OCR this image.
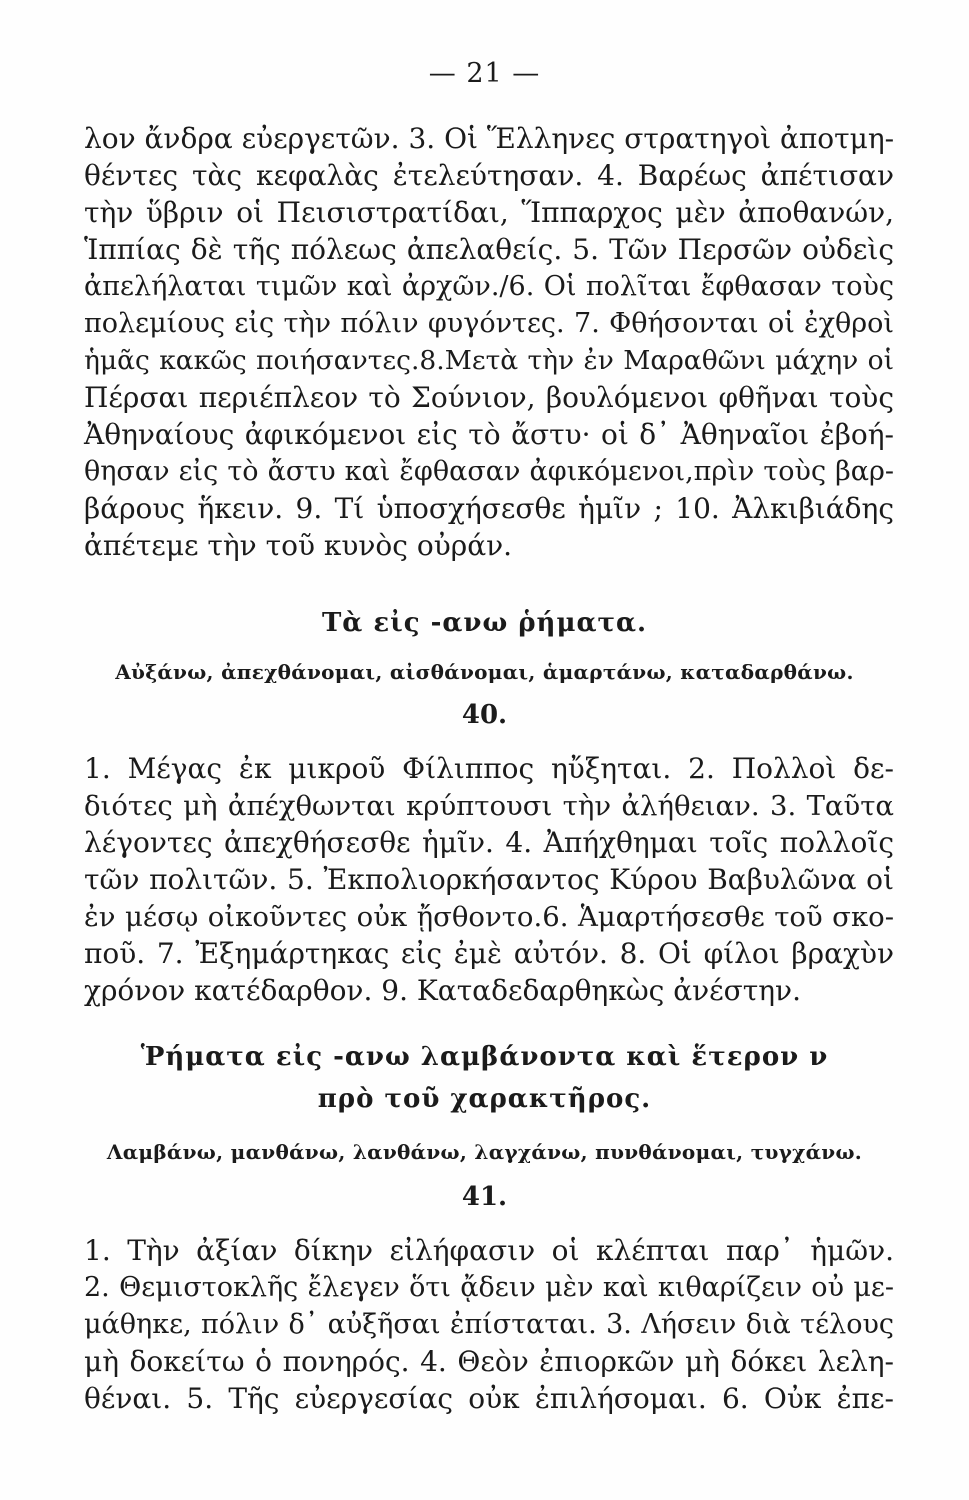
— 21 —
λον ἄνδρα εὐεργετῶν. 3. Οἱ Ἕλληνες στρατηγοὶ ἀποτμη-
θέντες τὰς κεφαλὰς ἐτελεύτησαν. 4. Βαρέως ἀπέτισαν
τὴν ὕβριν οἱ Πεισιστρατίδαι, Ἵππαρχος μὲν ἀποθανών,
Ἱππίας δὲ τῆς πόλεως ἀπελαθείς. 5. Τῶν Περσῶν οὐδεὶς
ἀπελήλαται τιμῶν καὶ ἀρχῶν./6. Οἱ πολῖται ἔφθασαν τοὺς
πολεμίους εἰς τὴν πόλιν φυγόντες. 7. Φθήσονται οἱ ἐχθροὶ
ἡμᾶς κακῶς ποιήσαντες.8.Μετὰ τὴν ἐν Μαραθῶνι μάχην οἱ
Πέρσαι περιέπλεον τὸ Σούνιον, βουλόμενοι φθῆναι τοὺς
Ἀθηναίους ἀφικόμενοι εἰς τὸ ἄστυ· οἱ δ᾽ Ἀθηναῖοι ἐβοή-
θησαν εἰς τὸ ἄστυ καὶ ἔφθασαν ἀφικόμενοι,πρὶν τοὺς βαρ-
βάρους ἥκειν. 9. Τί ὑποσχήσεσθε ἡμῖν ; 10. Ἀλκιβιάδης
ἀπέτεμε τὴν τοῦ κυνὸς οὐράν.
Τὰ εἰς -ανω ῥήματα.
Αὐξάνω, ἀπεχθάνομαι, αἰσθάνομαι, ἁμαρτάνω, καταδαρθάνω.
40.
1. Μέγας ἐκ μικροῦ Φίλιππος ηὔξηται. 2. Πολλοὶ δε-
διότες μὴ ἀπέχθωνται κρύπτουσι τὴν ἀλήθειαν. 3. Ταῦτα
λέγοντες ἀπεχθήσεσθε ἡμῖν. 4. Ἀπήχθημαι τοῖς πολλοῖς
τῶν πολιτῶν. 5. Ἐκπολιορκήσαντος Κύρου Βαβυλῶνα οἱ
ἐν μέσῳ οἰκοῦντες οὐκ ᾔσθοντο.6. Ἁμαρτήσεσθε τοῦ σκο-
ποῦ. 7. Ἐξημάρτηκας εἰς ἐμὲ αὐτόν. 8. Οἱ φίλοι βραχὺν
χρόνον κατέδαρθον. 9. Καταδεδαρθηκὼς ἀνέστην.
Ῥήματα εἰς -ανω λαμβάνοντα καὶ ἕτερον ν
πρὸ τοῦ χαρακτῆρος.
Λαμβάνω, μανθάνω, λανθάνω, λαγχάνω, πυνθάνομαι, τυγχάνω.
41.
1. Τὴν ἀξίαν δίκην εἰλήφασιν οἱ κλέπται παρ᾽ ἡμῶν.
2. Θεμιστοκλῆς ἔλεγεν ὅτι ᾄδειν μὲν καὶ κιθαρίζειν οὐ με-
μάθηκε, πόλιν δ᾽ αὐξῆσαι ἐπίσταται. 3. Λήσειν διὰ τέλους
μὴ δοκείτω ὁ πονηρός. 4. Θεὸν ἐπιορκῶν μὴ δόκει λελη-
θέναι. 5. Τῆς εὐεργεσίας οὐκ ἐπιλήσομαι. 6. Οὐκ ἐπε-
